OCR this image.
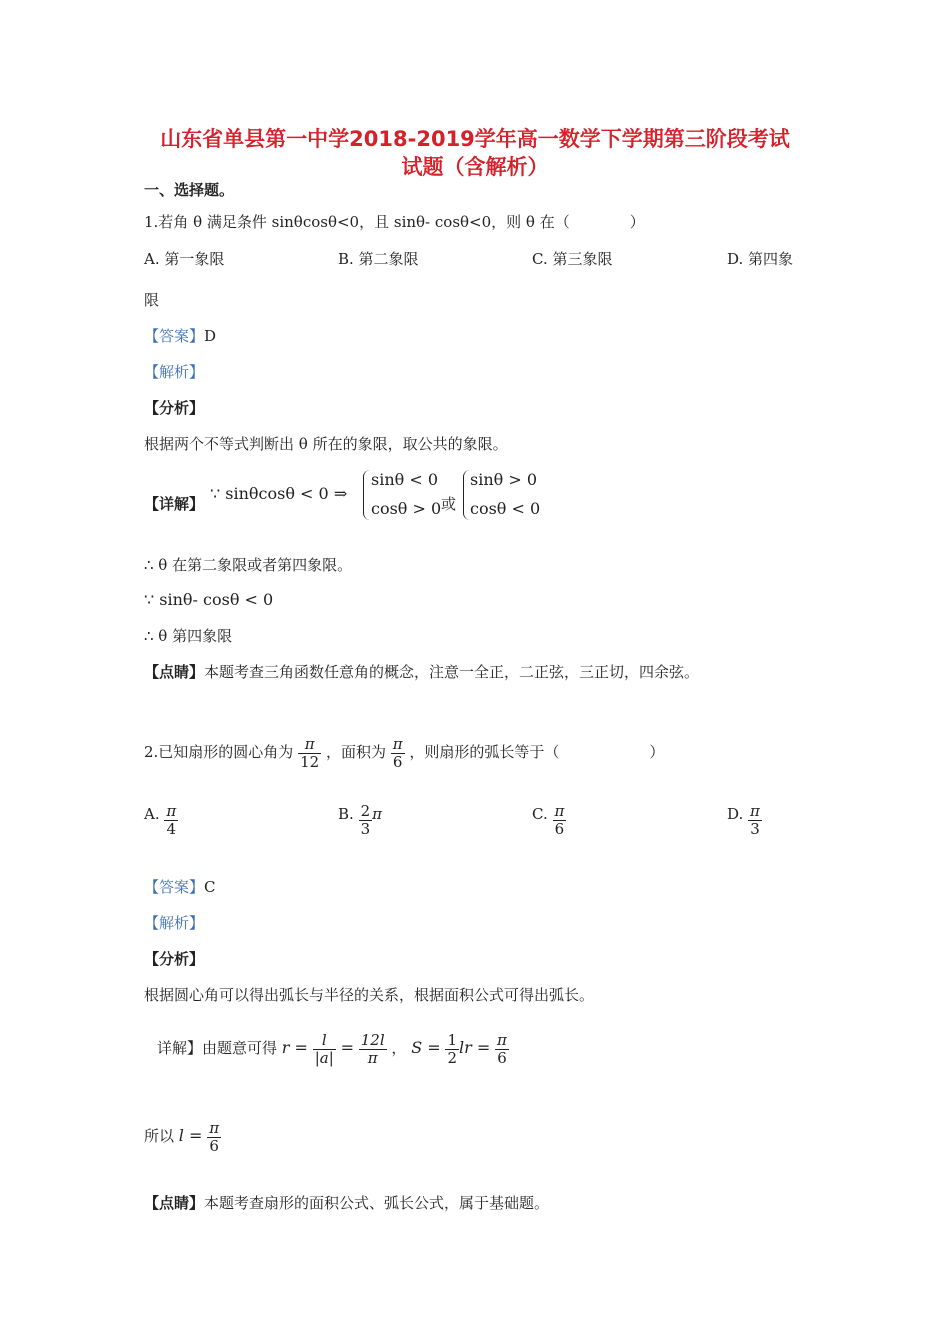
山东省单县第一中学2018-2019学年高一数学下学期第三阶段考试
试题（含解析）
一、选择题。
1.若角 θ 满足条件 sinθcosθ<0，且 sinθ- cosθ<0，则 θ 在（　　　　）
A. 第一象限	B. 第二象限	C. 第三象限	D. 第四象
限
【答案】D
【解析】
【分析】
根据两个不等式判断出 θ 所在的象限，取公共的象限。
【详解】
∵ sinθcosθ < 0 ⇒
sinθ < 0
cosθ > 0 或
sinθ > 0
cosθ < 0
∴ θ 在第二象限或者第四象限。
∵ sinθ- cosθ < 0
∴ θ 第四象限
【点睛】本题考查三角函数任意角的概念，注意一全正，二正弦，三正切，四余弦。
2.已知扇形的圆心角为 $\frac{\pi}{12}$ ，面积为 $\frac{\pi}{6}$ ，则扇形的弧长等于（　　　　　　）
A. $\frac{\pi}{4}$	B. $\frac{2}{3}$ π	C. $\frac{\pi}{6}$	D. $\frac{\pi}{3}$
【答案】C
【解析】
【分析】
根据圆心角可以得出弧长与半径的关系，根据面积公式可得出弧长。
详解】由题意可得 $r = \frac{l}{|a|} = \frac{12l}{\pi}$ ， $S = \frac{1}{2}$ lr = $\frac{\pi}{6}$
所以 $l = \frac{\pi}{6}$
【点睛】本题考查扇形的面积公式、弧长公式，属于基础题。
